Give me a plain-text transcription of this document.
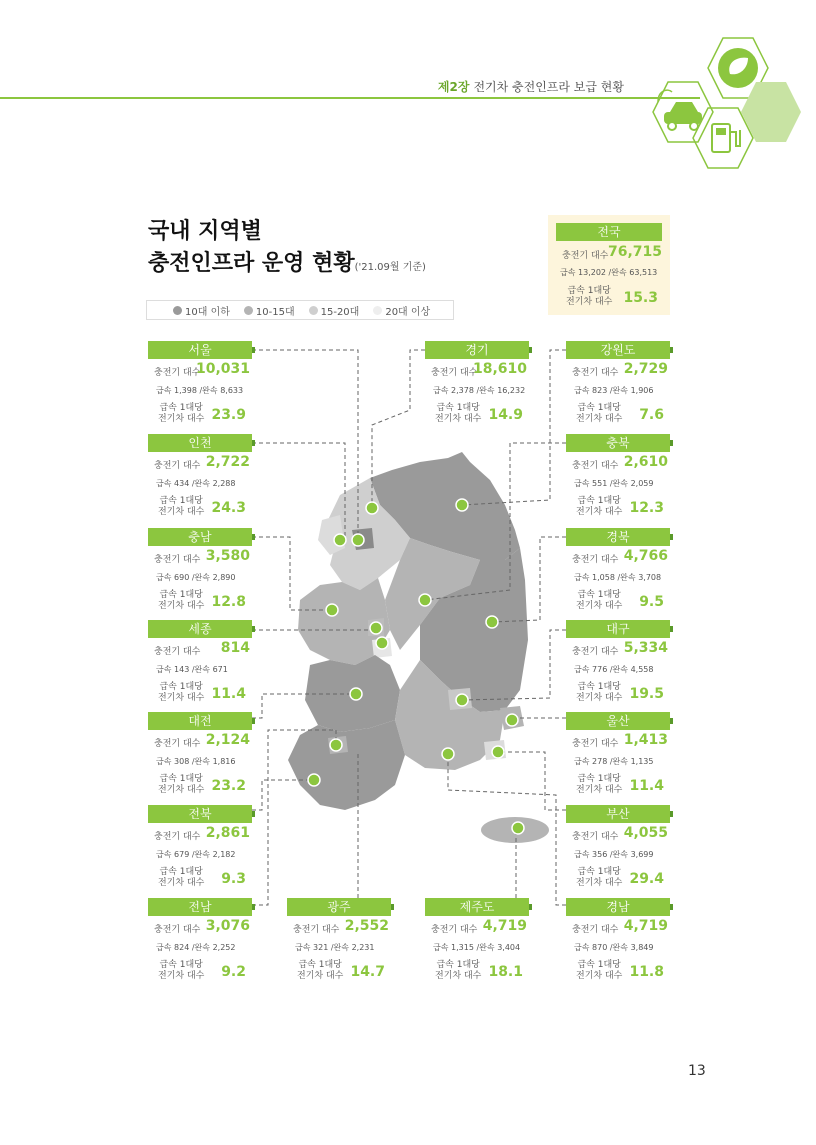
제2장 전기차 충전인프라 보급 현황
국내 지역별
충전인프라 운영 현황('21.09월 기준)
10대 이하	10-15대	15-20대	20대 이상
전국
충전기 대수 76,715
급속 13,202 /완속 63,513
급속 1대당
전기차 대수 15.3
서울
충전기 대수
10,031
급속 1,398 /완속 8,633
급속 1대당
전기차 대수 23.9
인천
충전기 대수 2,722
급속 434 /완속 2,288
급속 1대당
전기차 대수 24.3
충남
충전기 대수 3,580
급속 690 /완속 2,890
급속 1대당
전기차 대수 12.8
세종
충전기 대수 814
급속 143 /완속 671
급속 1대당
전기차 대수 11.4
대전
충전기 대수 2,124
급속 308 /완속 1,816
급속 1대당
전기차 대수 23.2
전북
충전기 대수 2,861
급속 679 /완속 2,182
급속 1대당
전기차 대수 9.3
전남
충전기 대수 3,076
급속 824 /완속 2,252
급속 1대당
전기차 대수 9.2
광주
충전기 대수 2,552
급속 321 /완속 2,231
급속 1대당
전기차 대수 14.7
제주도
충전기 대수 4,719
급속 1,315 /완속 3,404
급속 1대당
전기차 대수 18.1
경기
충전기 대수
18,610
급속 2,378 /완속 16,232
급속 1대당
전기차 대수 14.9
강원도
충전기 대수 2,729
급속 823 /완속 1,906
급속 1대당
전기차 대수 7.6
충북
충전기 대수 2,610
급속 551 /완속 2,059
급속 1대당
전기차 대수 12.3
경북
충전기 대수 4,766
급속 1,058 /완속 3,708
급속 1대당
전기차 대수 9.5
대구
충전기 대수 5,334
급속 776 /완속 4,558
급속 1대당
전기차 대수 19.5
울산
충전기 대수 1,413
급속 278 /완속 1,135
급속 1대당
전기차 대수 11.4
부산
충전기 대수 4,055
급속 356 /완속 3,699
급속 1대당
전기차 대수 29.4
경남
충전기 대수 4,719
급속 870 /완속 3,849
급속 1대당
전기차 대수 11.8
13
